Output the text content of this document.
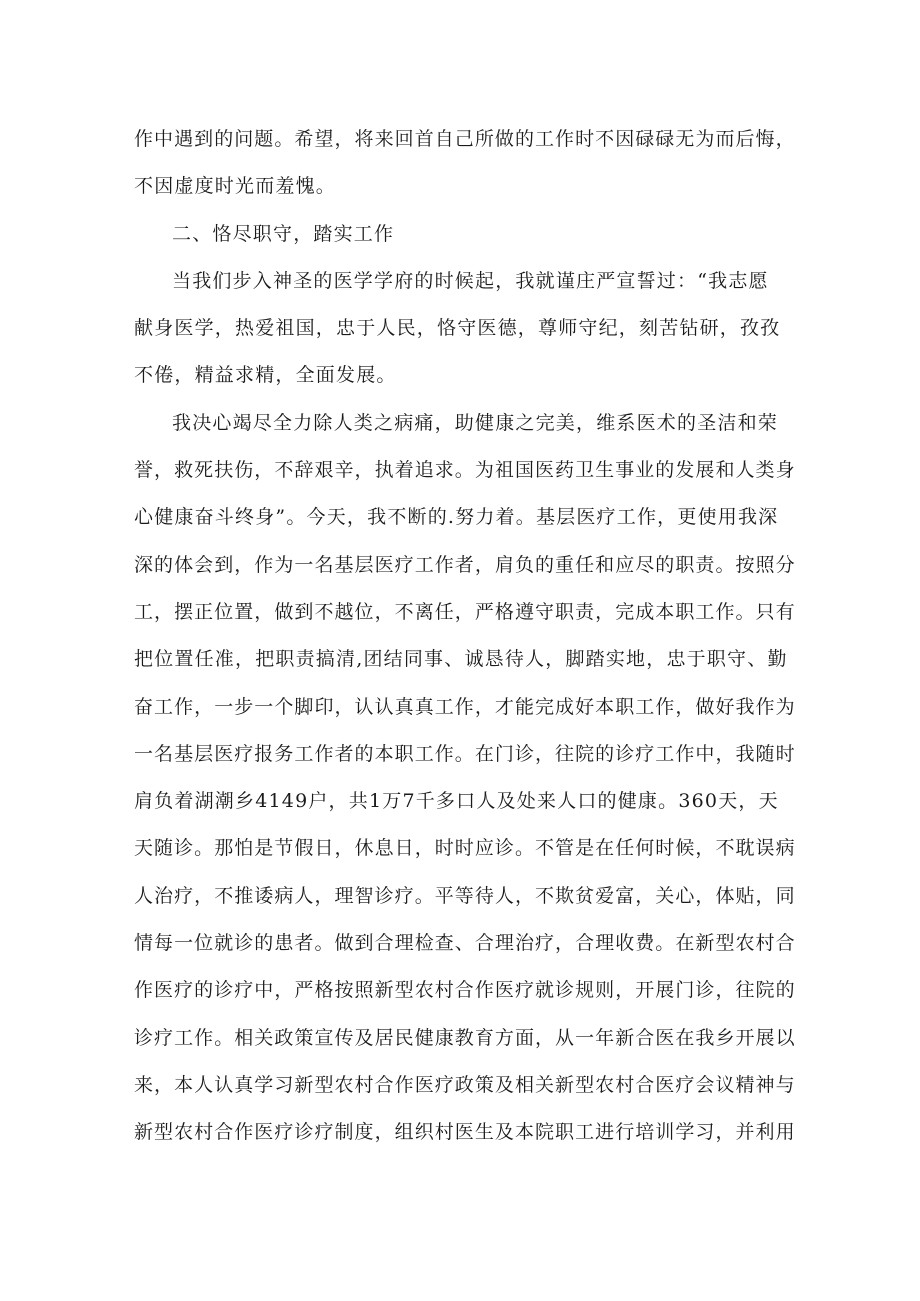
作中遇到的问题。希望，将来回首自己所做的工作时不因碌碌无为而后悔，
不因虚度时光而羞愧。
二、恪尽职守，踏实工作
当我们步入神圣的医学学府的时候起，我就谨庄严宣誓过：“我志愿
献身医学，热爱祖国，忠于人民，恪守医德，尊师守纪，刻苦钻研，孜孜
不倦，精益求精，全面发展。
我决心竭尽全力除人类之病痛，助健康之完美，维系医术的圣洁和荣
誉，救死扶伤，不辞艰辛，执着追求。为祖国医药卫生事业的发展和人类身
心健康奋斗终身”。今天，我不断的.努力着。基层医疗工作，更使用我深
深的体会到，作为一名基层医疗工作者，肩负的重任和应尽的职责。按照分
工，摆正位置，做到不越位，不离任，严格遵守职责，完成本职工作。只有
把位置任准，把职责搞清,团结同事、诚恳待人，脚踏实地，忠于职守、勤
奋工作，一步一个脚印，认认真真工作，才能完成好本职工作，做好我作为
一名基层医疗报务工作者的本职工作。在门诊，往院的诊疗工作中，我随时
肩负着湖潮乡4149户，共1万7千多口人及处来人口的健康。360天，天
天随诊。那怕是节假日，休息日，时时应诊。不管是在任何时候，不耽误病
人治疗，不推诿病人，理智诊疗。平等待人，不欺贫爱富，关心，体贴，同
情每一位就诊的患者。做到合理检查、合理治疗，合理收费。在新型农村合
作医疗的诊疗中，严格按照新型农村合作医疗就诊规则，开展门诊，往院的
诊疗工作。相关政策宣传及居民健康教育方面，从一年新合医在我乡开展以
来，本人认真学习新型农村合作医疗政策及相关新型农村合医疗会议精神与
新型农村合作医疗诊疗制度，组织村医生及本院职工进行培训学习，并利用
